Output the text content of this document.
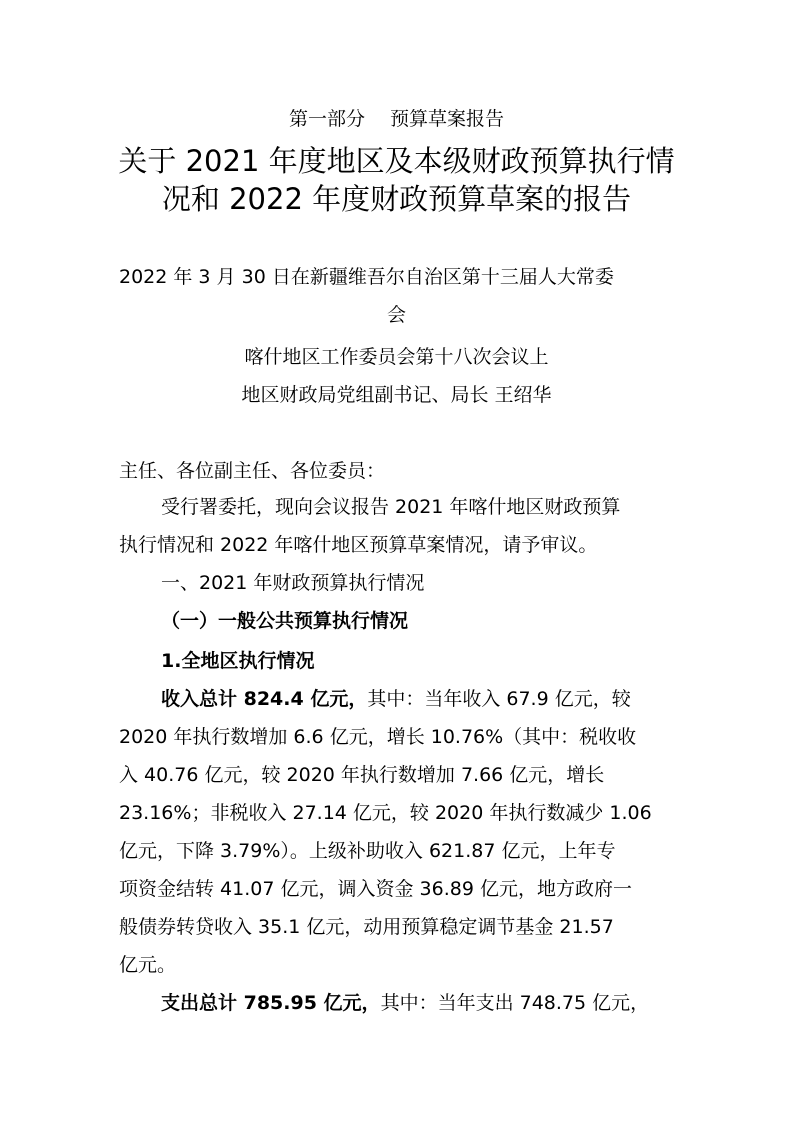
第一部分　 预算草案报告
关于 2021 年度地区及本级财政预算执行情
况和 2022 年度财政预算草案的报告
2022 年 3 月 30 日在新疆维吾尔自治区第十三届人大常委
会
喀什地区工作委员会第十八次会议上
地区财政局党组副书记、局长 王绍华
主任、各位副主任、各位委员：
受行署委托，现向会议报告 2021 年喀什地区财政预算
执行情况和 2022 年喀什地区预算草案情况，请予审议。
一、2021 年财政预算执行情况
（一）一般公共预算执行情况
1.全地区执行情况
收入总计 824.4 亿元，其中：当年收入 67.9 亿元，较
2020 年执行数增加 6.6 亿元，增长 10.76%（其中：税收收
入 40.76 亿元，较 2020 年执行数增加 7.66 亿元，增长
23.16%；非税收入 27.14 亿元，较 2020 年执行数减少 1.06
亿元，下降 3.79%）。上级补助收入 621.87 亿元，上年专
项资金结转 41.07 亿元，调入资金 36.89 亿元，地方政府一
般债券转贷收入 35.1 亿元，动用预算稳定调节基金 21.57
亿元。
支出总计 785.95 亿元，其中：当年支出 748.75 亿元，
